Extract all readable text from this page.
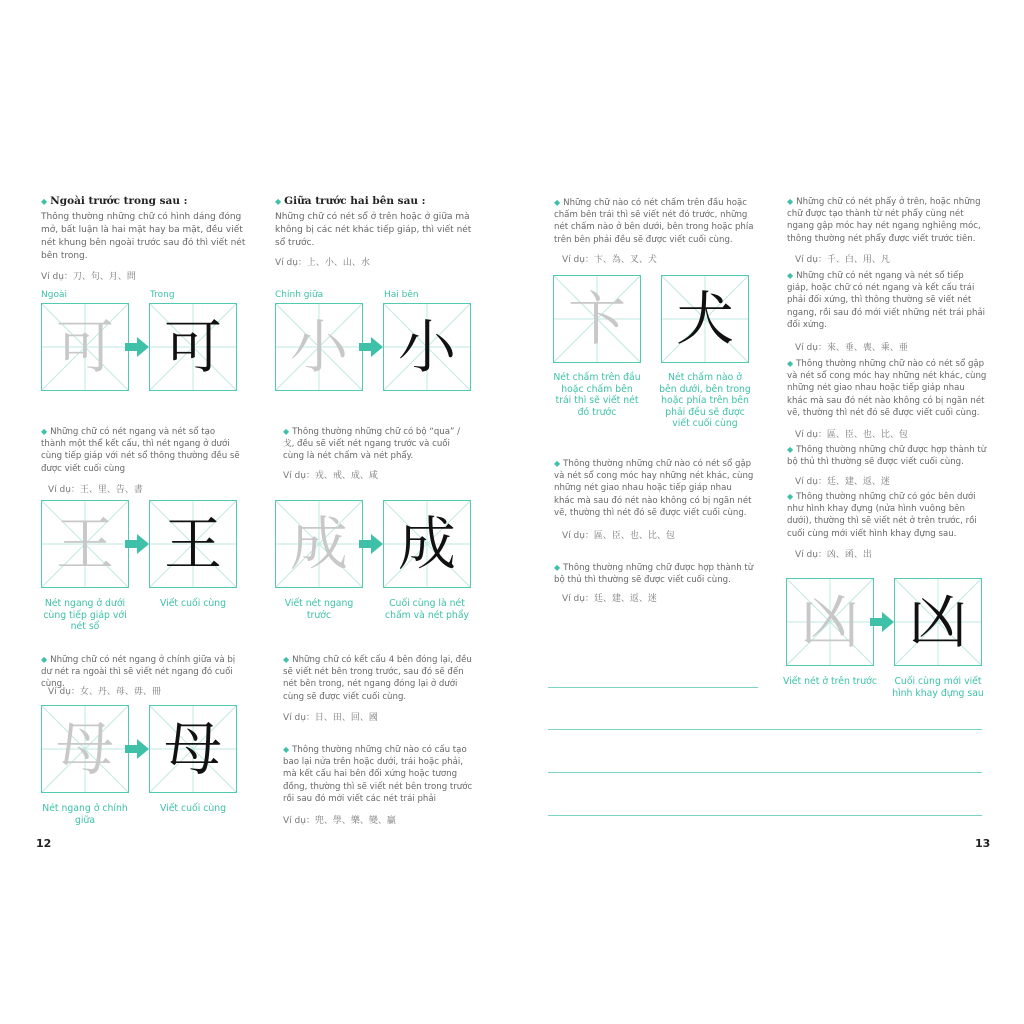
◆ Ngoài trước trong sau :
Thông thường những chữ có hình dáng đóng mở, bất luận là hai mặt hay ba mặt, đều viết nét khung bên ngoài trước sau đó thì viết nét bên trong.
Ví dụ：刀、句、月、問
Ngoài	Trong
◆ Giữa trước hai bên sau :
Những chữ có nét sổ ở trên hoặc ở giữa mà không bị các nét khác tiếp giáp, thì viết nét sổ trước.
Ví dụ：上、小、山、水
Chính giữa	Hai bên
可 可 小 小
◆ Những chữ có nét ngang và nét sổ tạo thành một thể kết cấu, thì nét ngang ở dưới cùng tiếp giáp với nét sổ thông thường đều sẽ được viết cuối cùng
Ví dụ：王、里、告、書
◆ Thông thường những chữ có bộ “qua” / 戈, đều sẽ viết nét ngang trước và cuối cùng là nét chấm và nét phẩy.
Ví dụ：戎、戒、成、咸
王 王
Nét ngang ở dưới cùng tiếp giáp với nét sổ
Viết cuối cùng
成 成
Viết nét ngang trước
Cuối cùng là nét chấm và nét phẩy
◆ Những chữ có nét ngang ở chính giữa và bị dư nét ra ngoài thì sẽ viết nét ngang đó cuối cùng.
Ví dụ：女、丹、母、毋、冊
母 母
Nét ngang ở chính giữa
Viết cuối cùng
◆ Những chữ có kết cấu 4 bên đóng lại, đều sẽ viết nét bên trong trước, sau đó sẽ đến nét bên trong, nét ngang đóng lại ở dưới cùng sẽ được viết cuối cùng.
Ví dụ：日、田、回、國
◆ Thông thường những chữ nào có cấu tạo bao lại nửa trên hoặc dưới, trái hoặc phải, mà kết cấu hai bên đối xứng hoặc tương đồng, thường thì sẽ viết nét bên trong trước rồi sau đó mới viết các nét trái phải
Ví dụ：兜、學、樂、變、贏
12
◆ Những chữ nào có nét chấm trên đầu hoặc chấm bên trái thì sẽ viết nét đó trước, những nét chấm nào ở bên dưới, bên trong hoặc phía trên bên phải đều sẽ được viết cuối cùng.
Ví dụ：卞、為、叉、犬
卞 犬
Nét chấm trên đầu hoặc chấm bên trái thì sẽ viết nét đó trước
Nét chấm nào ở bên dưới, bên trong hoặc phía trên bên phải đều sẽ được viết cuối cùng
◆ Thông thường những chữ nào có nét sổ gập và nét sổ cong móc hay những nét khác, cùng những nét giao nhau hoặc tiếp giáp nhau khác mà sau đó nét nào không có bị ngăn nét vẽ, thường thì nét đó sẽ được viết cuối cùng.
Ví dụ：區、臣、也、比、包
◆ Thông thường những chữ được hợp thành từ bộ thủ thì thường sẽ được viết cuối cùng.
Ví dụ：廷、建、返、迷
◆ Những chữ có nét phẩy ở trên, hoặc những chữ được tạo thành từ nét phẩy cùng nét ngang gập móc hay nét ngang nghiêng móc, thông thường nét phẩy được viết trước tiên.
Ví dụ：千、白、用、凡
◆ Những chữ có nét ngang và nét sổ tiếp giáp, hoặc chữ có nét ngang và kết cấu trái phải đối xứng, thì thông thường sẽ viết nét ngang, rồi sau đó mới viết những nét trái phải đối xứng.
Ví dụ：來、垂、喪、乘、亜
◆ Thông thường những chữ nào có nét sổ gập và nét sổ cong móc hay những nét khác, cùng những nét giao nhau hoặc tiếp giáp nhau khác mà sau đó nét nào không có bị ngăn nét vẽ, thường thì nét đó sẽ được viết cuối cùng.
Ví dụ：區、臣、也、比、包
◆ Thông thường những chữ được hợp thành từ bộ thủ thì thường sẽ được viết cuối cùng.
Ví dụ：廷、建、返、迷
◆ Thông thường những chữ có góc bên dưới như hình khay đựng (nửa hình vuông bên dưới), thường thì sẽ viết nét ở trên trước, rồi cuối cùng mới viết hình khay đựng sau.
Ví dụ：凶、函、出
凶 凶
Viết nét ở trên trước	Cuối cùng mới viết hình khay đựng sau
13
